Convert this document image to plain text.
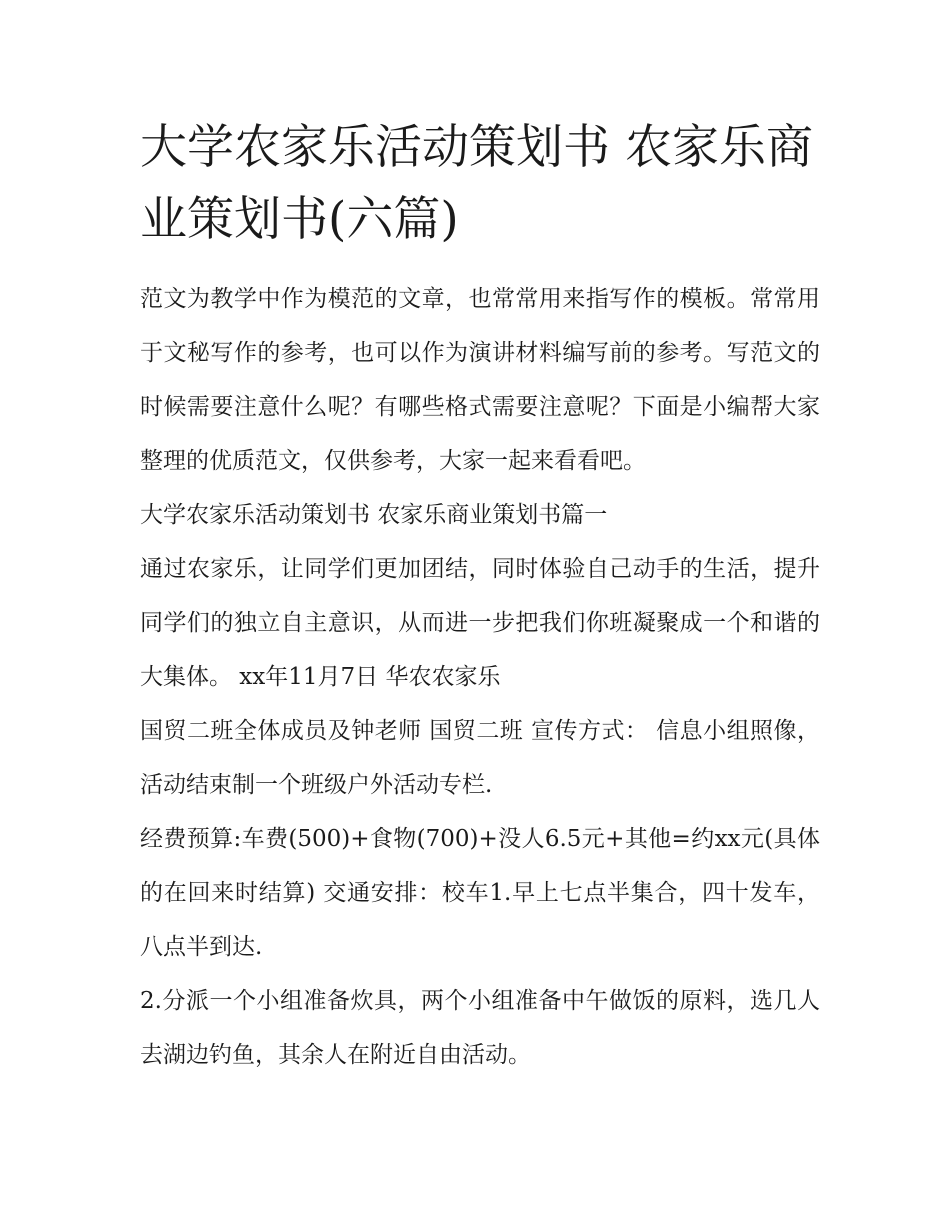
大学农家乐活动策划书 农家乐商业策划书(六篇)

范文为教学中作为模范的文章，也常常用来指写作的模板。常常用于文秘写作的参考，也可以作为演讲材料编写前的参考。写范文的时候需要注意什么呢？有哪些格式需要注意呢？下面是小编帮大家整理的优质范文，仅供参考，大家一起来看看吧。

大学农家乐活动策划书 农家乐商业策划书篇一

通过农家乐，让同学们更加团结，同时体验自己动手的生活，提升同学们的独立自主意识，从而进一步把我们你班凝聚成一个和谐的大集体。 xx年11月7日 华农农家乐

国贸二班全体成员及钟老师 国贸二班 宣传方式： 信息小组照像，活动结束制一个班级户外活动专栏.

经费预算:车费(500)+食物(700)+没人6.5元+其他=约xx元(具体的在回来时结算) 交通安排：校车1.早上七点半集合，四十发车，八点半到达.

2.分派一个小组准备炊具，两个小组准备中午做饭的原料，选几人去湖边钓鱼，其余人在附近自由活动。
